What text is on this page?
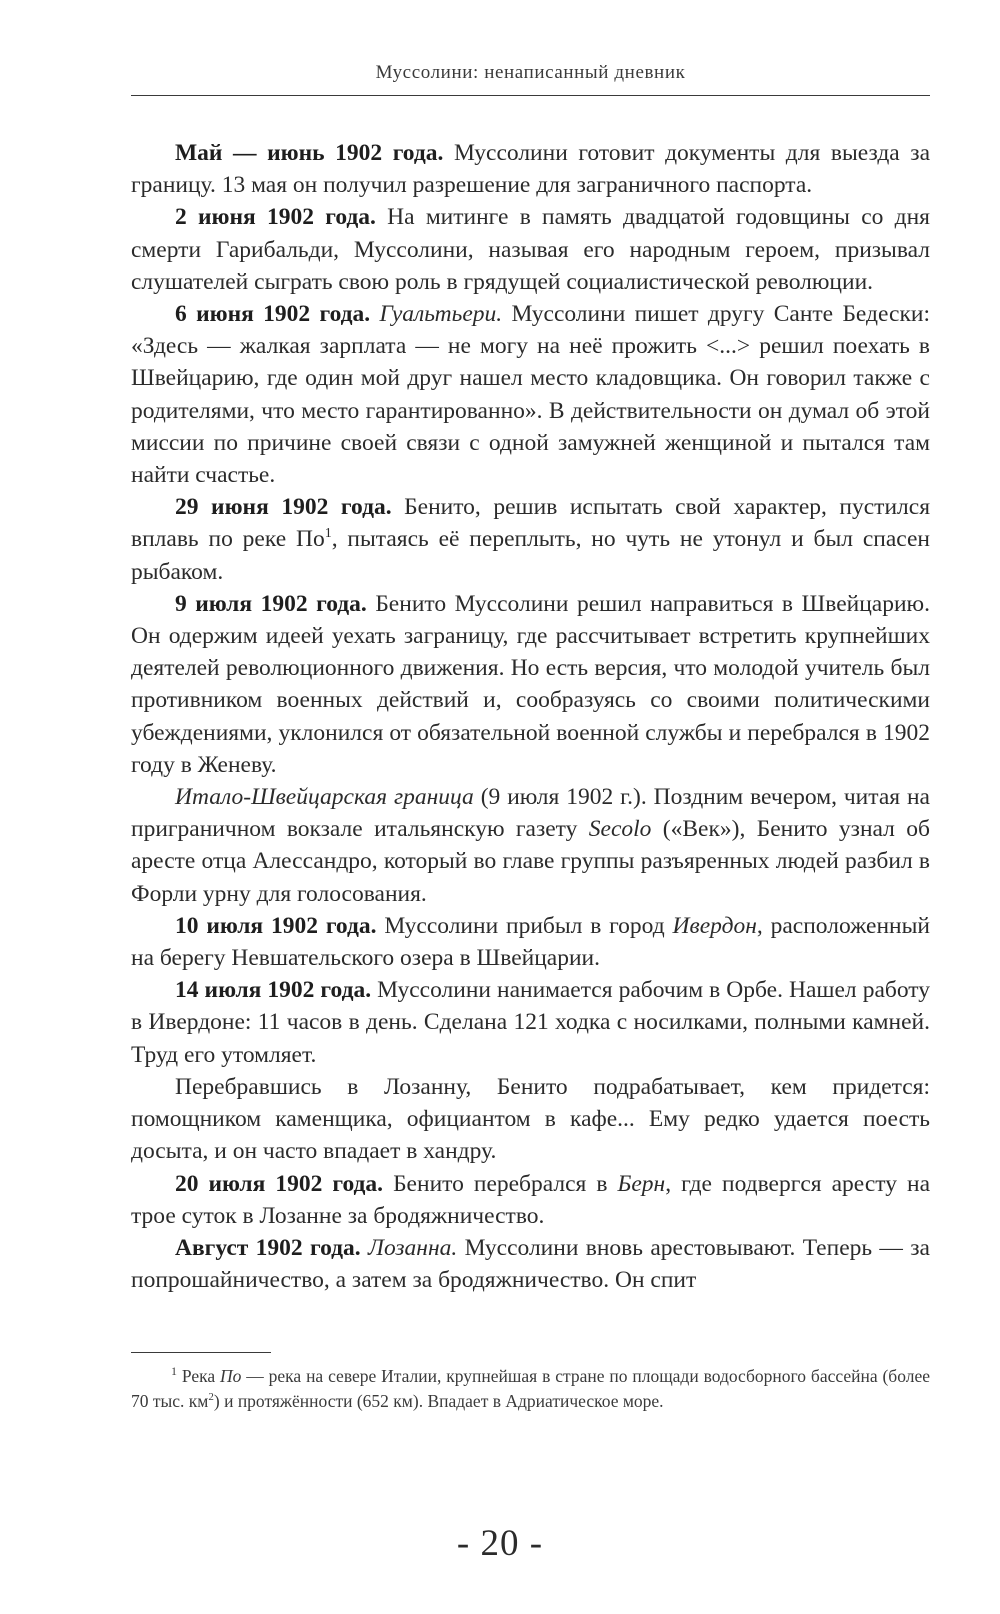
Муссолини: ненаписанный дневник

Май — июнь 1902 года. Муссолини готовит документы для выезда за границу. 13 мая он получил разрешение для заграничного паспорта.

2 июня 1902 года. На митинге в память двадцатой годовщины со дня смерти Гарибальди, Муссолини, называя его народным героем, призывал слушателей сыграть свою роль в грядущей социалистической революции.

6 июня 1902 года. Гуальтьери. Муссолини пишет другу Санте Бедески: «Здесь — жалкая зарплата — не могу на неё прожить <...> решил поехать в Швейцарию, где один мой друг нашел место кладовщика. Он говорил также с родителями, что место гарантированно». В действительности он думал об этой миссии по причине своей связи с одной замужней женщиной и пытался там найти счастье.

29 июня 1902 года. Бенито, решив испытать свой характер, пустился вплавь по реке По$^1$, пытаясь её переплыть, но чуть не утонул и был спасен рыбаком.

9 июля 1902 года. Бенито Муссолини решил направиться в Швейцарию. Он одержим идеей уехать заграницу, где рассчитывает встретить крупнейших деятелей революционного движения. Но есть версия, что молодой учитель был противником военных действий и, сообразуясь со своими политическими убеждениями, уклонился от обязательной военной службы и перебрался в 1902 году в Женеву.

Итало-Швейцарская граница (9 июля 1902 г.). Поздним вечером, читая на приграничном вокзале итальянскую газету Secolo («Век»), Бенито узнал об аресте отца Алессандро, который во главе группы разъяренных людей разбил в Форли урну для голосования.

10 июля 1902 года. Муссолини прибыл в город Ивердон, расположенный на берегу Невшательского озера в Швейцарии.

14 июля 1902 года. Муссолини нанимается рабочим в Орбе. Нашел работу в Ивердоне: 11 часов в день. Сделана 121 ходка с носилками, полными камней. Труд его утомляет.

Перебравшись в Лозанну, Бенито подрабатывает, кем придется: помощником каменщика, официантом в кафе... Ему редко удается поесть досыта, и он часто впадает в хандру.

20 июля 1902 года. Бенито перебрался в Берн, где подвергся аресту на трое суток в Лозанне за бродяжничество.

Август 1902 года. Лозанна. Муссолини вновь арестовывают. Теперь — за попрошайничество, а затем за бродяжничество. Он спит

$^1$ Река По — река на севере Италии, крупнейшая в стране по площади водосборного бассейна (более 70 тыс. $км^2$) и протяжённости (652 км). Впадает в Адриатическое море.

- 20 -
